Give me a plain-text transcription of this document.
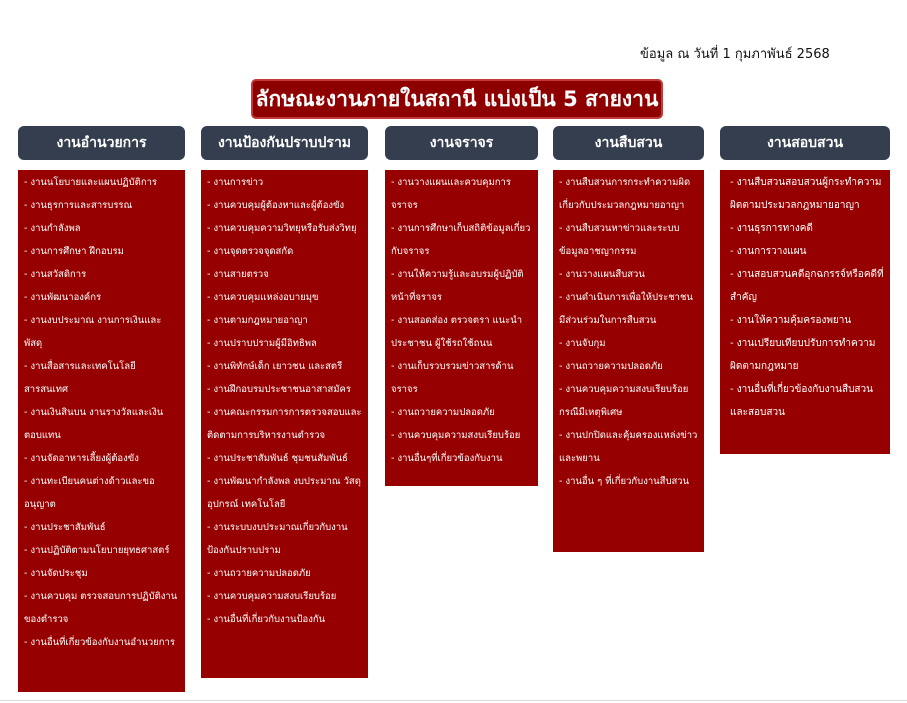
ข้อมูล ณ วันที่ 1 กุมภาพันธ์ 2568
ลักษณะงานภายในสถานี แบ่งเป็น 5 สายงาน
งานอำนวยการ
- งานนโยบายและแผนปฏิบัติการ
- งานธุรการและสารบรรณ
- งานกำลังพล
- งานการศึกษา ฝึกอบรม
- งานสวัสดิการ
- งานพัฒนาองค์กร
- งานงบประมาณ งานการเงินและพัสดุ
- งานสื่อสารและเทคโนโลยีสารสนเทศ
- งานเงินสินบน งานรางวัลและเงินตอบแทน
- งานจัดอาหารเลี้ยงผู้ต้องขัง
- งานทะเบียนคนต่างด้าวและขออนุญาต
- งานประชาสัมพันธ์
- งานปฏิบัติตามนโยบายยุทธศาสตร์
- งานจัดประชุม
- งานควบคุม ตรวจสอบการปฏิบัติงานของตำรวจ
- งานอื่นที่เกี่ยวข้องกับงานอำนวยการ
งานป้องกันปราบปราม
- งานการข่าว
- งานควบคุมผู้ต้องหาและผู้ต้องขัง
- งานควบคุมความวิทยุหรือรับส่งวิทยุ
- งานจุดตรวจจุดสกัด
- งานสายตรวจ
- งานควบคุมแหล่งอบายมุข
- งานตามกฎหมายอาญา
- งานปราบปรามผู้มีอิทธิพล
- งานพิทักษ์เด็ก เยาวชน และสตรี
- งานฝึกอบรมประชาชนอาสาสมัคร
- งานคณะกรรมการการตรวจสอบและติดตามการบริหารงานตำรวจ
- งานประชาสัมพันธ์ ชุมชนสัมพันธ์
- งานพัฒนากำลังพล งบประมาณ วัสดุ อุปกรณ์ เทคโนโลยี
- งานระบบงบประมาณเกี่ยวกับงานป้องกันปราบปราม
- งานถวายความปลอดภัย
- งานควบคุมความสงบเรียบร้อย
- งานอื่นที่เกี่ยวกับงานป้องกัน
งานจราจร
- งานวางแผนและควบคุมการจราจร
- งานการศึกษาเก็บสถิติข้อมูลเกี่ยวกับจราจร
- งานให้ความรู้และอบรมผู้ปฏิบัติหน้าที่จราจร
- งานสอดส่อง ตรวจตรา แนะนำประชาชน ผู้ใช้รถใช้ถนน
- งานเก็บรวบรวมข่าวสารด้านจราจร
- งานถวายความปลอดภัย
- งานควบคุมความสงบเรียบร้อย
- งานอื่นๆที่เกี่ยวข้องกับงาน
งานสืบสวน
- งานสืบสวนการกระทำความผิดเกี่ยวกับประมวลกฎหมายอาญา
- งานสืบสวนหาข่าวและระบบข้อมูลอาชญากรรม
- งานวางแผนสืบสวน
- งานดำเนินการเพื่อให้ประชาชนมีส่วนร่วมในการสืบสวน
- งานจับกุม
- งานถวายความปลอดภัย
- งานควบคุมความสงบเรียบร้อยกรณีมีเหตุพิเศษ
- งานปกปิดและคุ้มครองแหล่งข่าวและพยาน
- งานอื่น ๆ ที่เกี่ยวกับงานสืบสวน
งานสอบสวน
- งานสืบสวนสอบสวนผู้กระทำความผิดตามประมวลกฎหมายอาญา
- งานธุรการทางคดี
- งานการวางแผน
- งานสอบสวนคดีอุกฉกรรจ์หรือคดีที่สำคัญ
- งานให้ความคุ้มครองพยาน
- งานเปรียบเทียบปรับการทำความผิดตามกฎหมาย
- งานอื่นที่เกี่ยวข้องกับงานสืบสวนและสอบสวน
